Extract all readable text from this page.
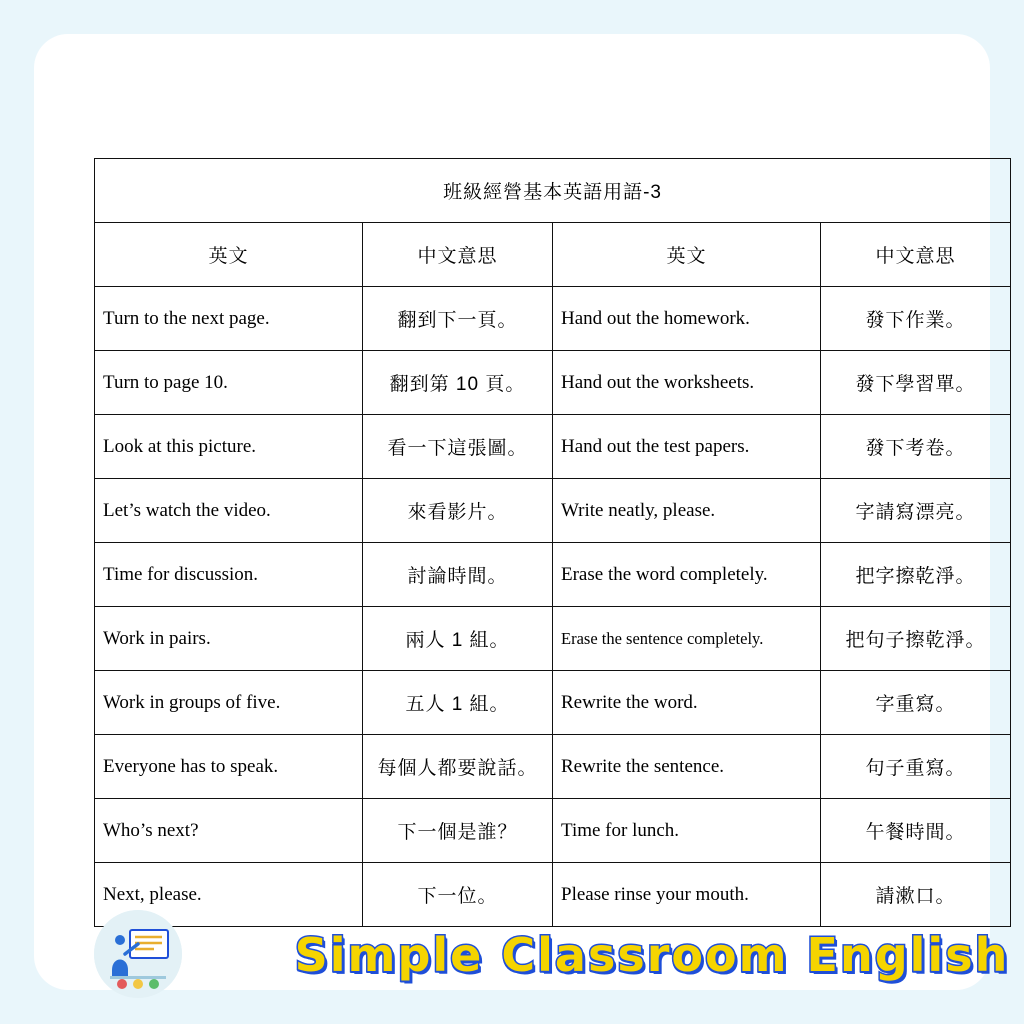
班級經營基本英語用語-3			
英文	中文意思	英文	中文意思
Turn to the next page.	翻到下一頁。	Hand out the homework.	發下作業。
Turn to page 10.	翻到第 10 頁。	Hand out the worksheets.	發下學習單。
Look at this picture.	看一下這張圖。	Hand out the test papers.	發下考卷。
Let’s watch the video.	來看影片。	Write neatly, please.	字請寫漂亮。
Time for discussion.	討論時間。	Erase the word completely.	把字擦乾淨。
Work in pairs.	兩人 1 組。	Erase the sentence completely.	把句子擦乾淨。
Work in groups of five.	五人 1 組。	Rewrite the word.	字重寫。
Everyone has to speak.	每個人都要說話。	Rewrite the sentence.	句子重寫。
Who’s next?	下一個是誰？	Time for lunch.	午餐時間。
Next, please.	下一位。	Please rinse your mouth.	請漱口。
Simple Classroom English
